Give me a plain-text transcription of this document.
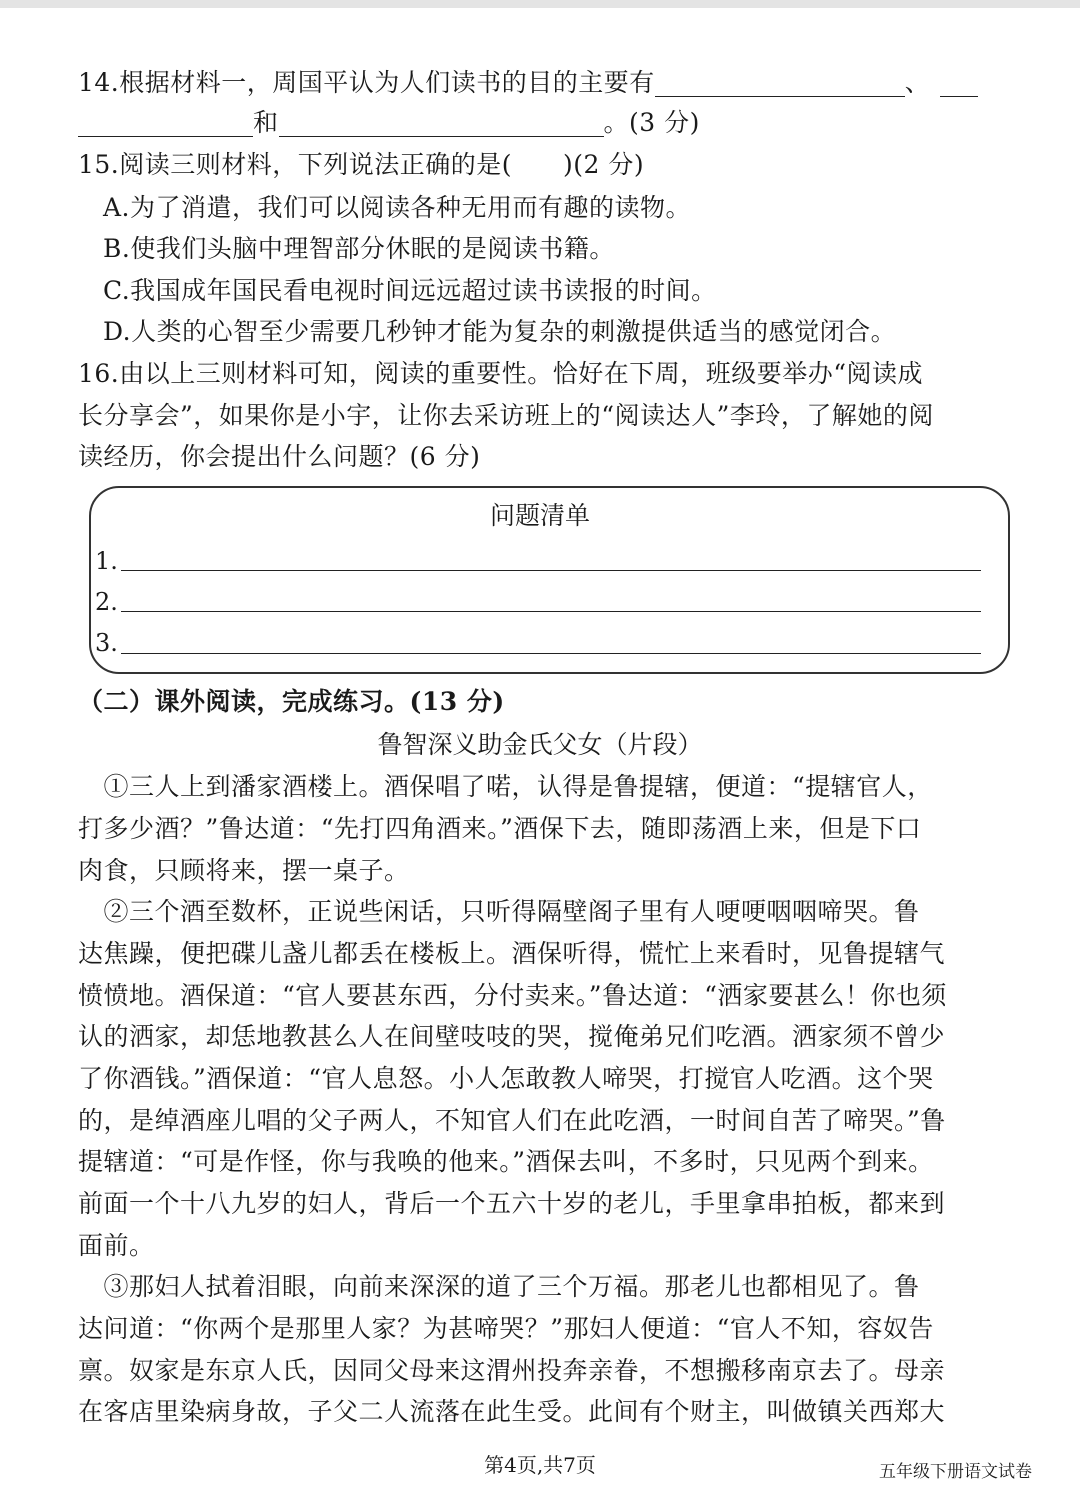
14.根据材料一，周国平认为人们读书的目的主要有	、
和	。(3 分)
15.阅读三则材料，下列说法正确的是(　　)(2 分)
A.为了消遣，我们可以阅读各种无用而有趣的读物。
B.使我们头脑中理智部分休眠的是阅读书籍。
C.我国成年国民看电视时间远远超过读书读报的时间。
D.人类的心智至少需要几秒钟才能为复杂的刺激提供适当的感觉闭合。
16.由以上三则材料可知，阅读的重要性。恰好在下周，班级要举办“阅读成
长分享会”，如果你是小宇，让你去采访班上的“阅读达人”李玲，了解她的阅
读经历，你会提出什么问题？(6 分)
问题清单
1.
2.
3.
（二）课外阅读，完成练习。(13 分)
鲁智深义助金氏父女（片段）
　①三人上到潘家酒楼上。酒保唱了喏，认得是鲁提辖，便道：“提辖官人，
打多少酒？”鲁达道：“先打四角酒来。”酒保下去，随即荡酒上来，但是下口
肉食，只顾将来，摆一桌子。
　②三个酒至数杯，正说些闲话，只听得隔壁阁子里有人哽哽咽咽啼哭。鲁
达焦躁，便把碟儿盏儿都丢在楼板上。酒保听得，慌忙上来看时，见鲁提辖气
愤愤地。酒保道：“官人要甚东西，分付卖来。”鲁达道：“洒家要甚么！你也须
认的洒家，却恁地教甚么人在间壁吱吱的哭，搅俺弟兄们吃酒。洒家须不曾少
了你酒钱。”酒保道：“官人息怒。小人怎敢教人啼哭，打搅官人吃酒。这个哭
的，是绰酒座儿唱的父子两人，不知官人们在此吃酒，一时间自苦了啼哭。”鲁
提辖道：“可是作怪，你与我唤的他来。”酒保去叫，不多时，只见两个到来。
前面一个十八九岁的妇人，背后一个五六十岁的老儿，手里拿串拍板，都来到
面前。
　③那妇人拭着泪眼，向前来深深的道了三个万福。那老儿也都相见了。鲁
达问道：“你两个是那里人家？为甚啼哭？”那妇人便道：“官人不知，容奴告
禀。奴家是东京人氏，因同父母来这渭州投奔亲眷，不想搬移南京去了。母亲
在客店里染病身故，子父二人流落在此生受。此间有个财主，叫做镇关西郑大
第4页,共7页	五年级下册语文试卷
